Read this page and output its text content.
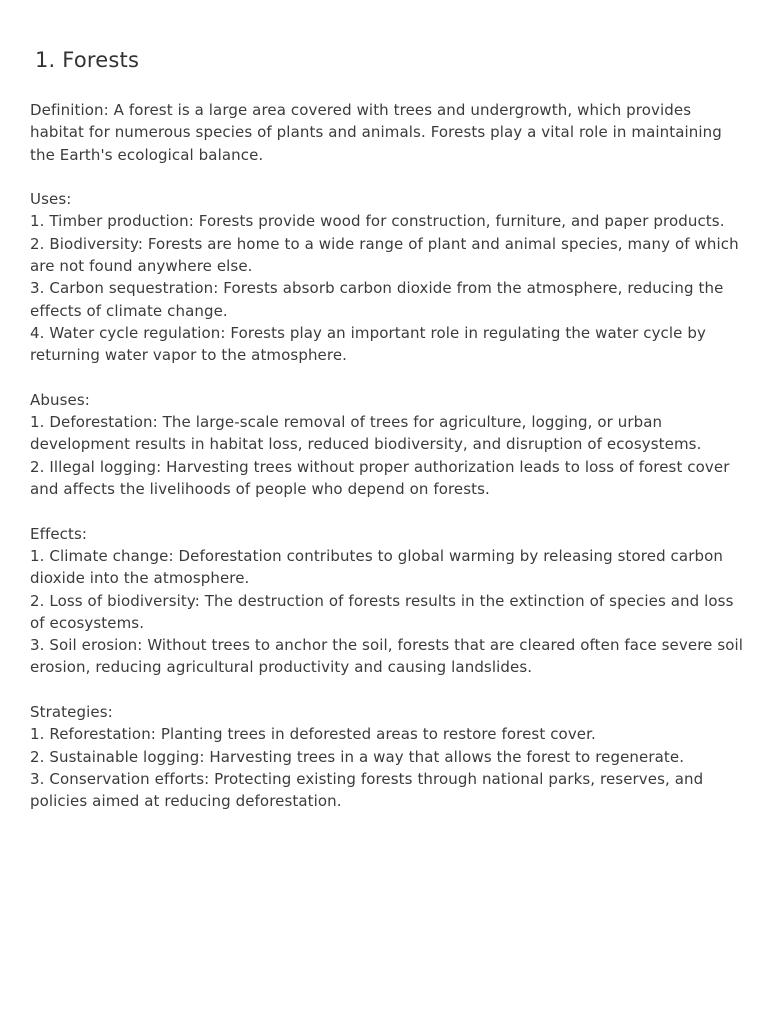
1. Forests

Definition: A forest is a large area covered with trees and undergrowth, which provides habitat for numerous species of plants and animals. Forests play a vital role in maintaining the Earth's ecological balance.

Uses:

1. Timber production: Forests provide wood for construction, furniture, and paper products.

2. Biodiversity: Forests are home to a wide range of plant and animal species, many of which are not found anywhere else.

3. Carbon sequestration: Forests absorb carbon dioxide from the atmosphere, reducing the effects of climate change.

4. Water cycle regulation: Forests play an important role in regulating the water cycle by returning water vapor to the atmosphere.

Abuses:

1. Deforestation: The large-scale removal of trees for agriculture, logging, or urban development results in habitat loss, reduced biodiversity, and disruption of ecosystems.

2. Illegal logging: Harvesting trees without proper authorization leads to loss of forest cover and affects the livelihoods of people who depend on forests.

Effects:

1. Climate change: Deforestation contributes to global warming by releasing stored carbon dioxide into the atmosphere.

2. Loss of biodiversity: The destruction of forests results in the extinction of species and loss of ecosystems.

3. Soil erosion: Without trees to anchor the soil, forests that are cleared often face severe soil erosion, reducing agricultural productivity and causing landslides.

Strategies:

1. Reforestation: Planting trees in deforested areas to restore forest cover.

2. Sustainable logging: Harvesting trees in a way that allows the forest to regenerate.

3. Conservation efforts: Protecting existing forests through national parks, reserves, and policies aimed at reducing deforestation.
